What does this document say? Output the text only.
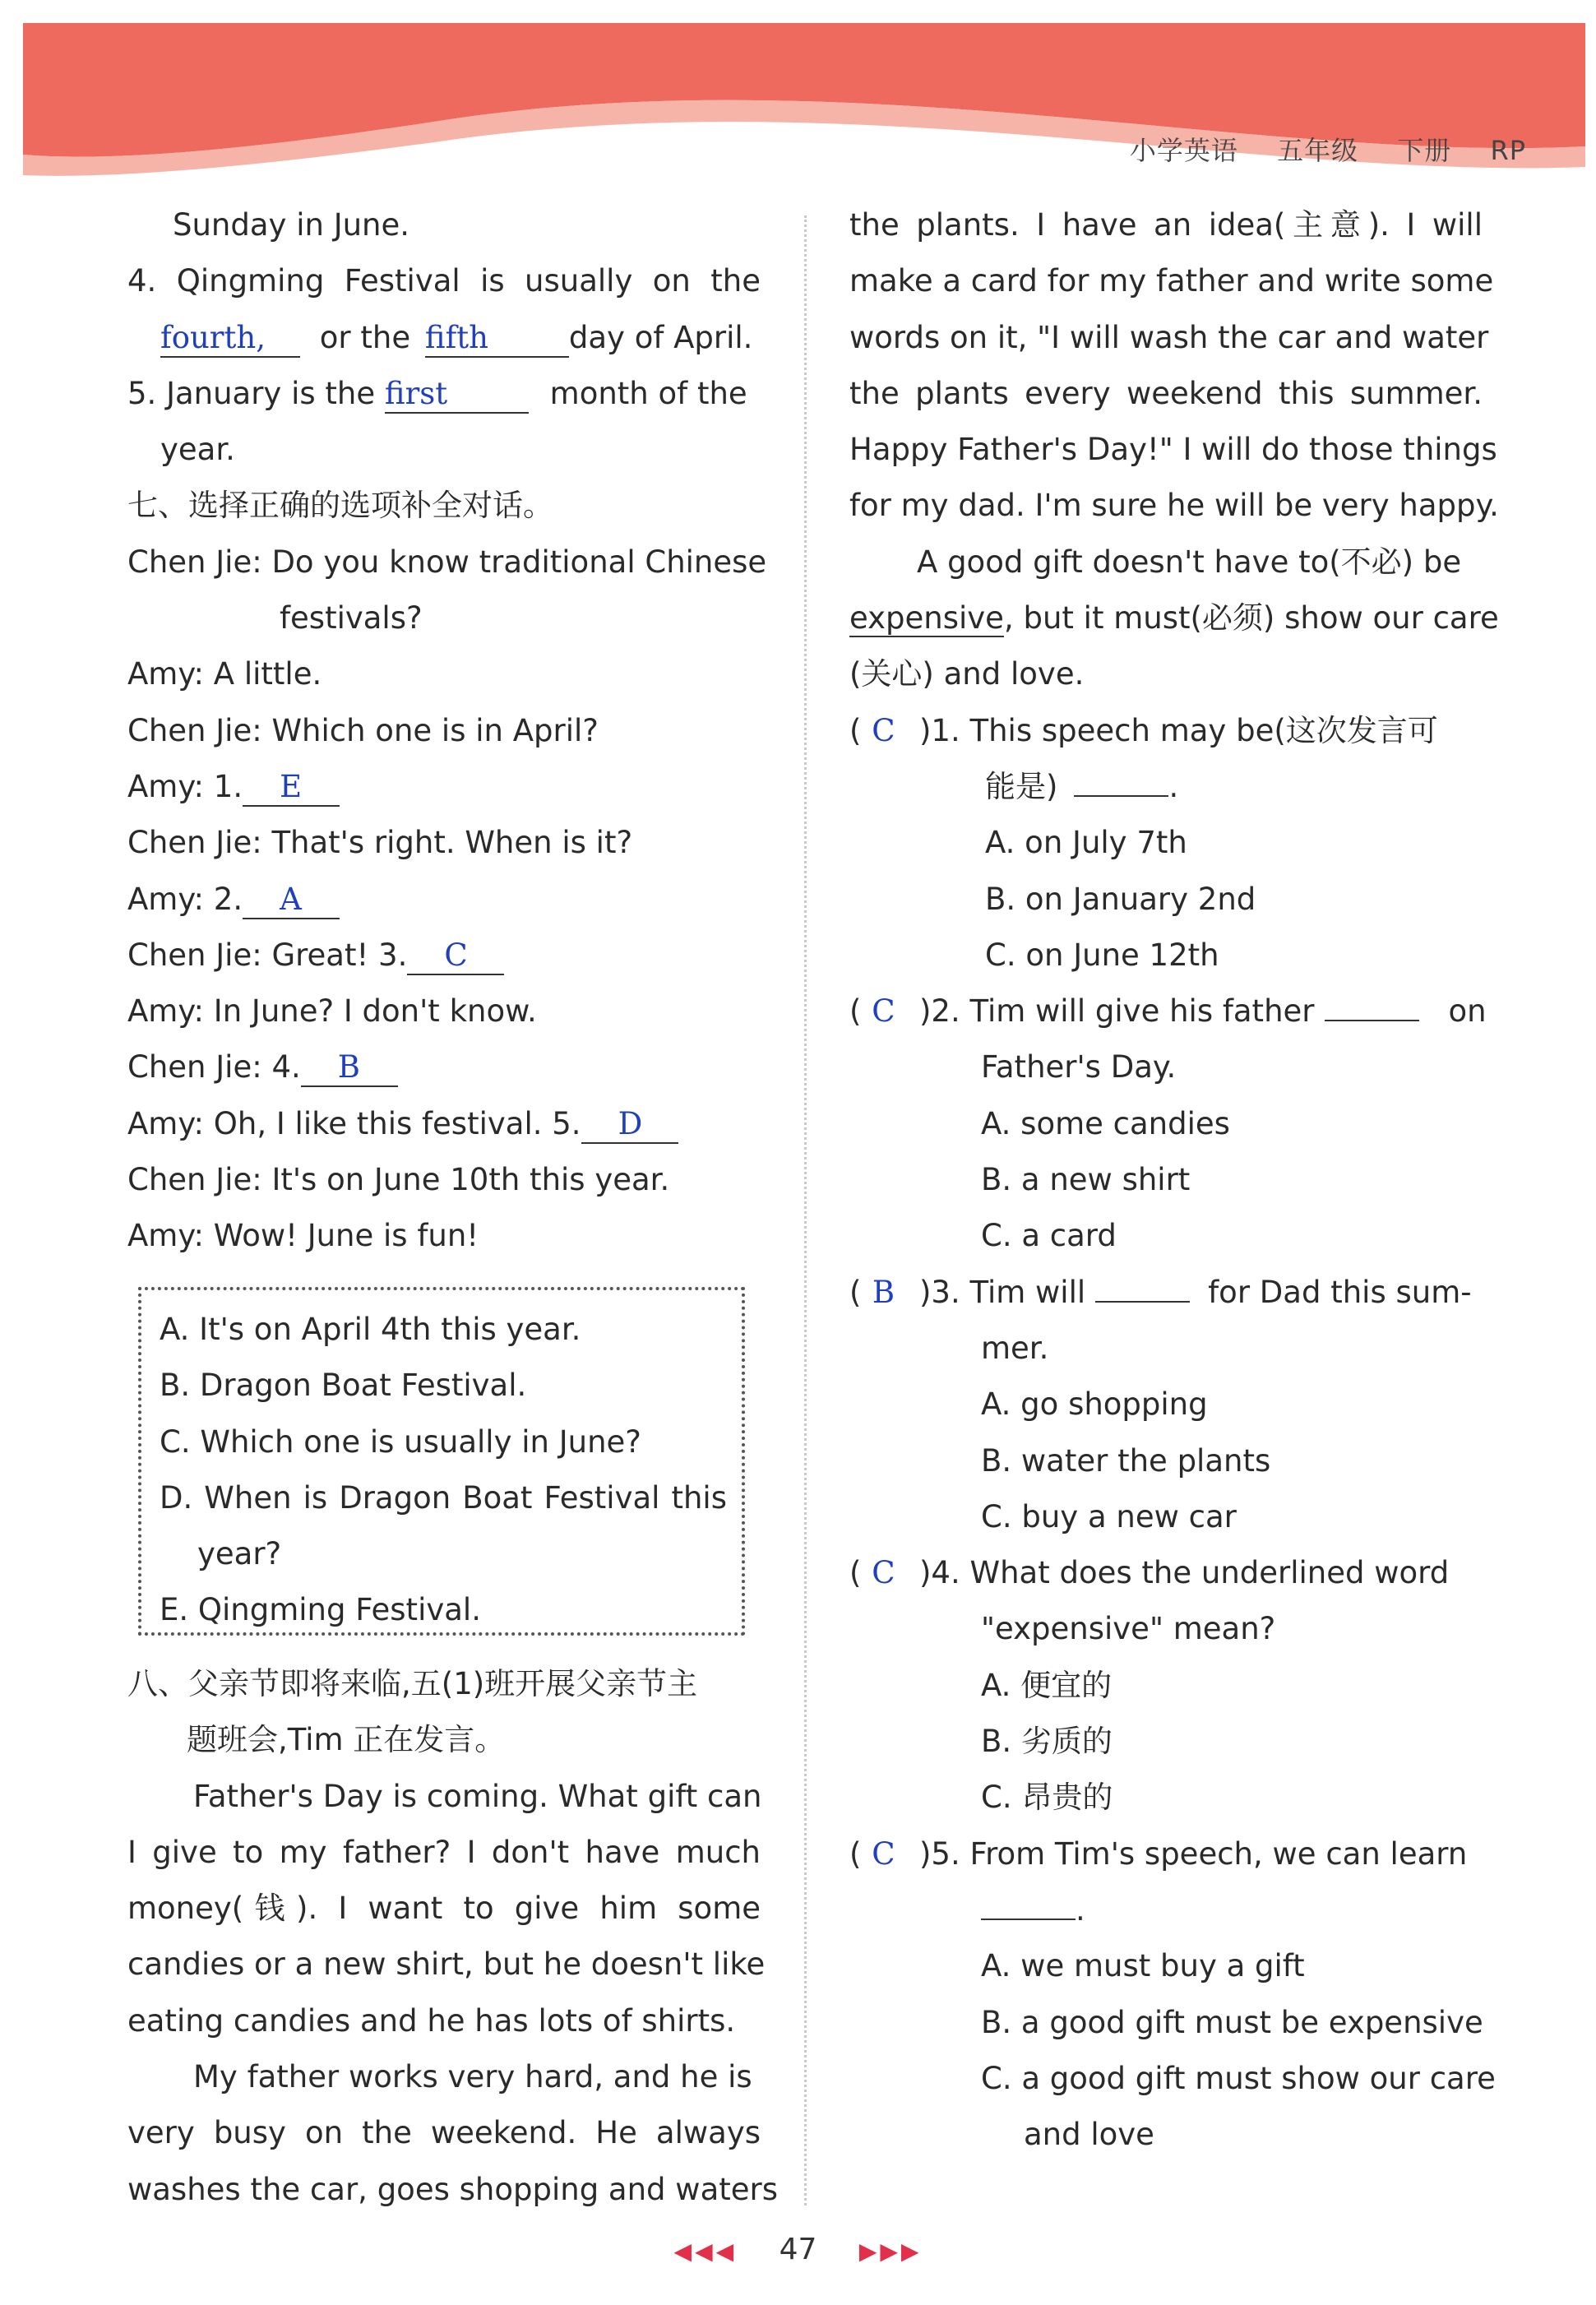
小学英语 五年级 下册 RP
Sunday in June.
4. Qingming Festival is usually on the
fourth, or the fifth	day of April.
5. January is the first	month of the
year.
七、选择正确的选项补全对话。
Chen Jie: Do you know traditional Chinese
festivals?
Amy: A little.
Chen Jie: Which one is in April?
Amy: 1. E
Chen Jie: That's right. When is it?
Amy: 2. A
Chen Jie: Great! 3. C
Amy: In June? I don't know.
Chen Jie: 4. B
Amy: Oh, I like this festival. 5. D
Chen Jie: It's on June 10th this year.
Amy: Wow! June is fun!
A. It's on April 4th this year.
B. Dragon Boat Festival.
C. Which one is usually in June?
D. When is Dragon Boat Festival this
year?
E. Qingming Festival.
八、父亲节即将来临,五(1)班开展父亲节主
题班会,Tim 正在发言。
Father's Day is coming. What gift can
I give to my father? I don't have much
money(钱). I want to give him some
candies or a new shirt, but he doesn't like
eating candies and he has lots of shirts.
My father works very hard, and he is
very busy on the weekend. He always
washes the car, goes shopping and waters
the plants. I have an idea(主意). I will
make a card for my father and write some
words on it, "I will wash the car and water
the plants every weekend this summer.
Happy Father's Day!" I will do those things
for my dad. I'm sure he will be very happy.
A good gift doesn't have to(不必) be
expensive, but it must(必须) show our care
(关心) and love.
( C )1. This speech may be(这次发言可
能是)	.
A. on July 7th
B. on January 2nd
C. on June 12th
( C )2. Tim will give his father	on
Father's Day.
A. some candies
B. a new shirt
C. a card
( B )3. Tim will	for Dad this sum-
mer.
A. go shopping
B. water the plants
C. buy a new car
( C )4. What does the underlined word
"expensive" mean?
A. 便宜的
B. 劣质的
C. 昂贵的
( C )5. From Tim's speech, we can learn
.
A. we must buy a gift
B. a good gift must be expensive
C. a good gift must show our care
and love
◀◀◀ 47 ▶▶▶
